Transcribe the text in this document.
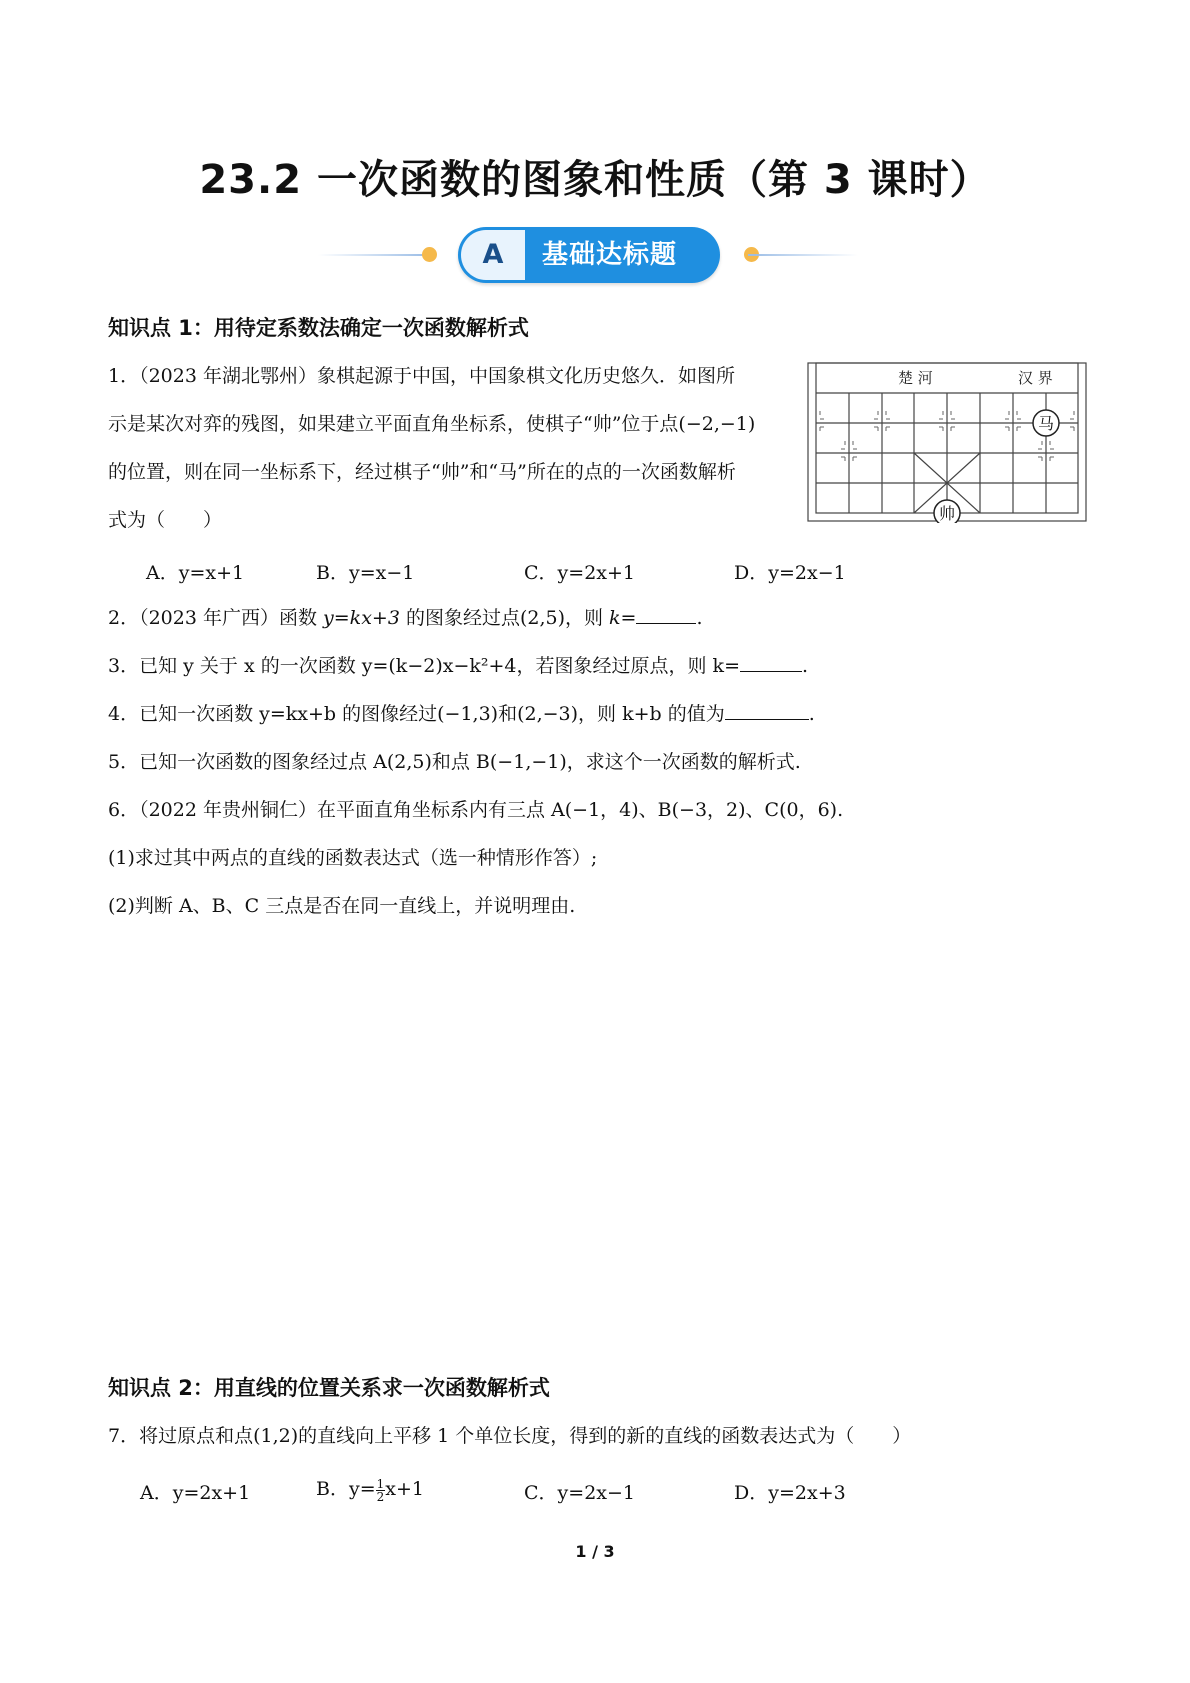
23.2 一次函数的图象和性质（第 3 课时）
A	基础达标题
知识点 1：用待定系数法确定一次函数解析式
1．（2023 年湖北鄂州）象棋起源于中国，中国象棋文化历史悠久．如图所
示是某次对弈的残图，如果建立平面直角坐标系，使棋子“帅”位于点(−2,−1)
的位置，则在同一坐标系下，经过棋子“帅”和“马”所在的点的一次函数解析
式为（　　）
楚 河	汉 界
马
帅
A．y=x+1	B．y=x−1	C．y=2x+1	D．y=2x−1
2．（2023 年广西）函数 y=kx+3 的图象经过点(2,5)，则 k=	.
3．已知 y 关于 x 的一次函数 y=(k−2)x−k²+4，若图象经过原点，则 k=	.
4．已知一次函数 y=kx+b 的图像经过(−1,3)和(2,−3)，则 k+b 的值为	.
5．已知一次函数的图象经过点 A(2,5)和点 B(−1,−1)，求这个一次函数的解析式.
6．（2022 年贵州铜仁）在平面直角坐标系内有三点 A(−1，4)、B(−3，2)、C(0，6).
(1)求过其中两点的直线的函数表达式（选一种情形作答）;
(2)判断 A、B、C 三点是否在同一直线上，并说明理由.
知识点 2：用直线的位置关系求一次函数解析式
7．将过原点和点(1,2)的直线向上平移 1 个单位长度，得到的新的直线的函数表达式为（　　）
A．y=2x+1	B．$y= \frac{1}{2} x+1$	C．y=2x−1	D．y=2x+3
1 / 3
